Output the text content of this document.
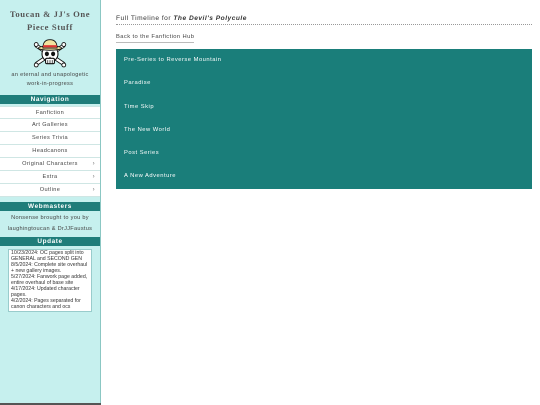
Toucan & JJ's One Piece Stuff
an eternal and unapologetic work-in-progress
Navigation
Fanfiction
Art Galleries
Series Trivia
Headcanons
Original Characters ›
Extra	›
Outline	›
Webmasters
Nonsense brought to you by laughingtoucan & DrJJFaustus
Update
10/23/2024: OC pages split into GENERAL and SECOND GEN
8/5/2024: Complete site overhaul + new gallery images.
5/27/2024: Fanwork page added, entire overhaul of base site
4/17/2024: Updated character pages.
4/2/2024: Pages separated for canon characters and ocs
Full Timeline for The Devil's Polycule
Back to the Fanfiction Hub
Pre-Series to Reverse Mountain
Paradise
Time Skip
The New World
Post Series
A New Adventure
